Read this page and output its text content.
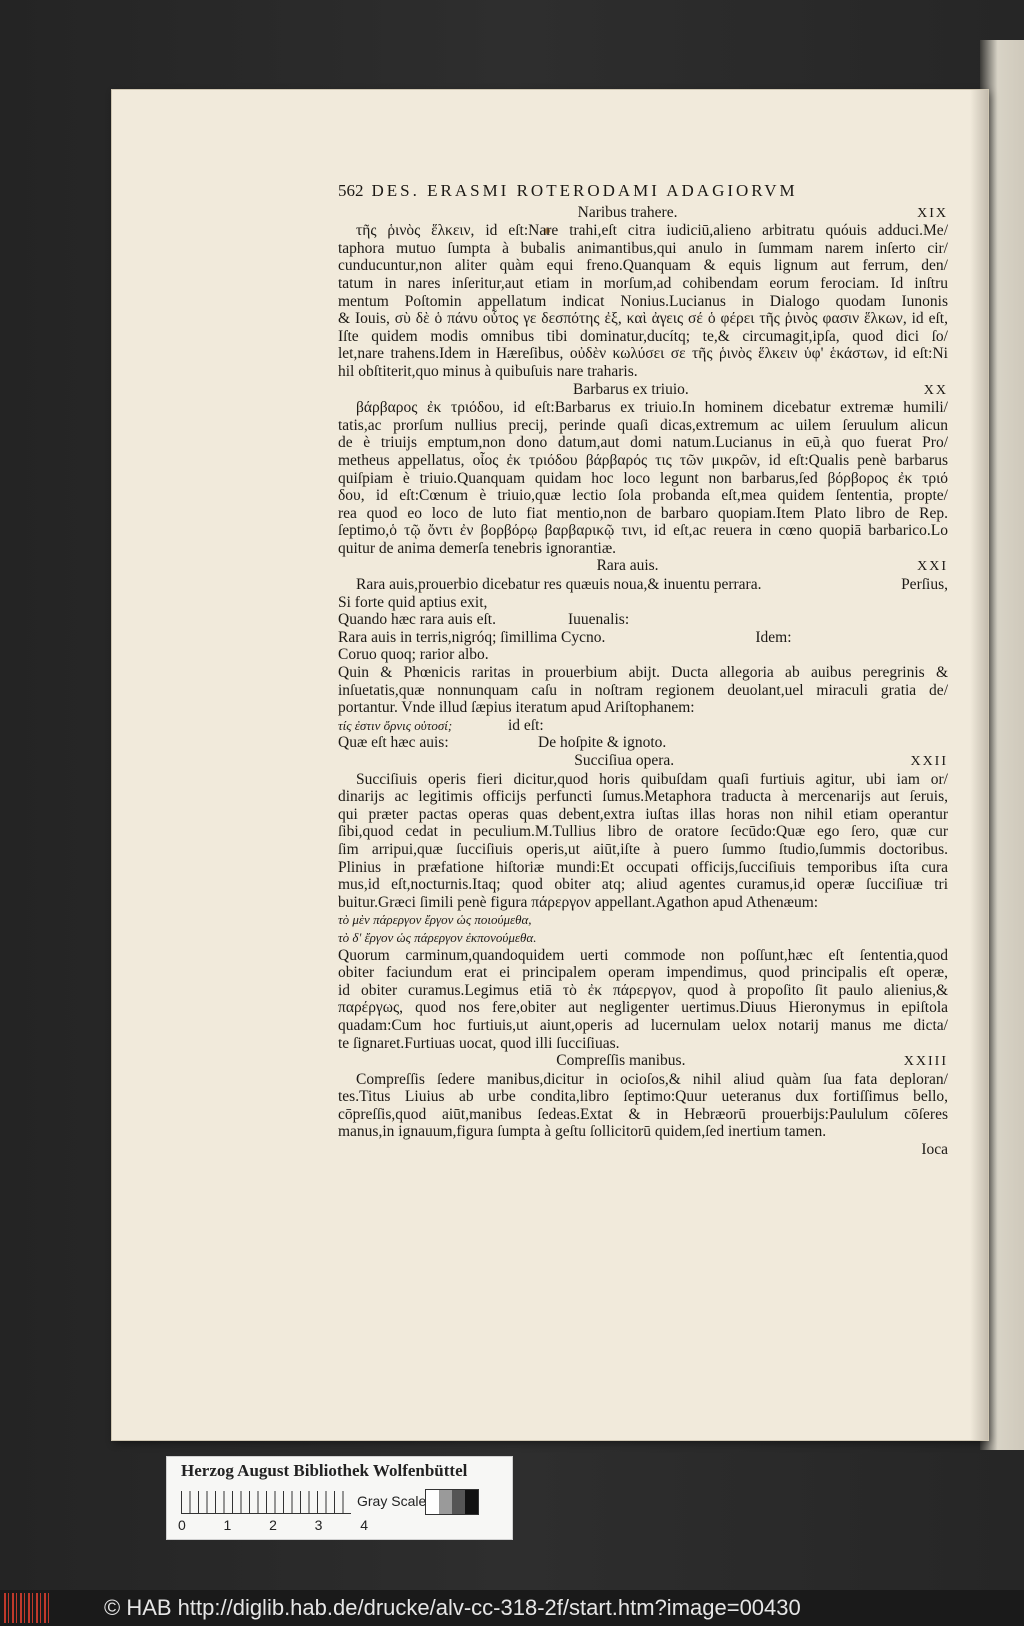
562 DES. ERASMI ROTERODAMI ADAGIORVM
Naribus trahere.	XIX
τῆς ῥινὸς ἕλκειν, id eſt:Nare trahi,eſt citra iudiciū,alieno arbitratu quóuis adduci.Me/
taphora mutuo ſumpta à bubalis animantibus,qui anulo in ſummam narem inſerto cir/
cunducuntur,non aliter quàm equi freno.Quanquam & equis lignum aut ferrum, den/
tatum in nares inſeritur,aut etiam in morſum,ad cohibendam eorum ferociam. Id inſtru
mentum Poſtomin appellatum indicat Nonius.Lucianus in Dialogo quodam Iunonis
& Iouis, σὺ δὲ ὁ πάνυ οὗτος γε δεσπότης ἐξ, καὶ ἀγεις σέ ὁ φέρει τῆς ῥινὸς φασιν ἕλκων, id eſt,
Iſte quidem modis omnibus tibi dominatur,ducítq; te,& circumagit,ipſa, quod dici ſo/
let,nare trahens.Idem in Hæreſibus, οὐδὲν κωλύσει σε τῆς ῥινὸς ἕλκειν ὑφ' ἑκάστων, id eſt:Ni
hil obſtiterit,quo minus à quibuſuis nare traharis.
Barbarus ex triuio.	XX
βάρβαρος ἐκ τριόδου, id eſt:Barbarus ex triuio.In hominem dicebatur extremæ humili/
tatis,ac prorſum nullius precij, perinde quaſi dicas,extremum ac uilem ſeruulum alicun
de è triuijs emptum,non dono datum,aut domi natum.Lucianus in eū,à quo fuerat Pro/
metheus appellatus, οἷος ἐκ τριόδου βάρβαρός τις τῶν μικρῶν, id eſt:Qualis penè barbarus
quiſpiam è triuio.Quanquam quidam hoc loco legunt non barbarus,ſed βόρβορος ἐκ τριό
δου, id eſt:Cœnum è triuio,quæ lectio ſola probanda eſt,mea quidem ſententia, propte/
rea quod eo loco de luto fiat mentio,non de barbaro quopiam.Item Plato libro de Rep.
ſeptimo,ὁ τῷ ὄντι ἐν βορβόρῳ βαρβαρικῷ τινι, id eſt,ac reuera in cœno quopiā barbarico.Lo
quitur de anima demerſa tenebris ignorantiæ.
Rara auis.	XXI
Rara auis,prouerbio dicebatur res quæuis noua,& inuentu perrara.	Perſius,
Si forte quid aptius exit,
Quando hæc rara auis eſt.	Iuuenalis:
Rara auis in terris,nigróq; ſimillima Cycno.	Idem:
Coruo quoq; rarior albo.
Quin & Phœnicis raritas in prouerbium abijt. Ducta allegoria ab auibus peregrinis &
inſuetatis,quæ nonnunquam caſu in noſtram regionem deuolant,uel miraculi gratia de/
portantur. Vnde illud ſæpius iteratum apud Ariſtophanem:
τίς ἐστιν ὄρνις οὑτοσί;	id eſt:
Quæ eſt hæc auis:	De hoſpite & ignoto.
Succiſiua opera.	XXII
Succiſiuis operis fieri dicitur,quod horis quibuſdam quaſi furtiuis agitur, ubi iam or/
dinarijs ac legitimis officijs perfuncti ſumus.Metaphora traducta à mercenarijs aut ſeruis,
qui præter pactas operas quas debent,extra iuſtas illas horas non nihil etiam operantur
ſibi,quod cedat in peculium.M.Tullius libro de oratore ſecūdo:Quæ ego ſero, quæ cur
ſim arripui,quæ ſucciſiuis operis,ut aiūt,iſte à puero ſummo ſtudio,ſummis doctoribus.
Plinius in præfatione hiſtoriæ mundi:Et occupati officijs,ſucciſiuis temporibus iſta cura
mus,id eſt,nocturnis.Itaq; quod obiter atq; aliud agentes curamus,id operæ ſucciſiuæ tri
buitur.Græci ſimili penè figura πάρεργον appellant.Agathon apud Athenæum:
τὸ μὲν πάρεργον ἔργον ὡς ποιούμεθα,
τὸ δ' ἔργον ὡς πάρεργον ἐκπονούμεθα.
Quorum carminum,quandoquidem uerti commode non poſſunt,hæc eſt ſententia,quod
obiter faciundum erat ei principalem operam impendimus, quod principalis eſt operæ,
id obiter curamus.Legimus etiā τὸ ἐκ πάρεργον, quod à propoſito ſit paulo alienius,&
παρέργως, quod nos fere,obiter aut negligenter uertimus.Diuus Hieronymus in epiſtola
quadam:Cum hoc furtiuis,ut aiunt,operis ad lucernulam uelox notarij manus me dicta/
te ſignaret.Furtiuas uocat, quod illi ſucciſiuas.
Compreſſis manibus.	XXIII
Compreſſis ſedere manibus,dicitur in ocioſos,& nihil aliud quàm ſua fata deploran/
tes.Titus Liuius ab urbe condita,libro ſeptimo:Quur ueteranus dux fortiſſimus bello,
cōpreſſis,quod aiūt,manibus ſedeas.Extat & in Hebræorū prouerbijs:Paululum cōſeres
manus,in ignauum,figura ſumpta à geſtu ſollicitorū quidem,ſed inertium tamen.
Ioca
Herzog August Bibliothek Wolfenbüttel
0	1	2	3	4
Gray Scale
© HAB http://diglib.hab.de/drucke/alv-cc-318-2f/start.htm?image=00430
